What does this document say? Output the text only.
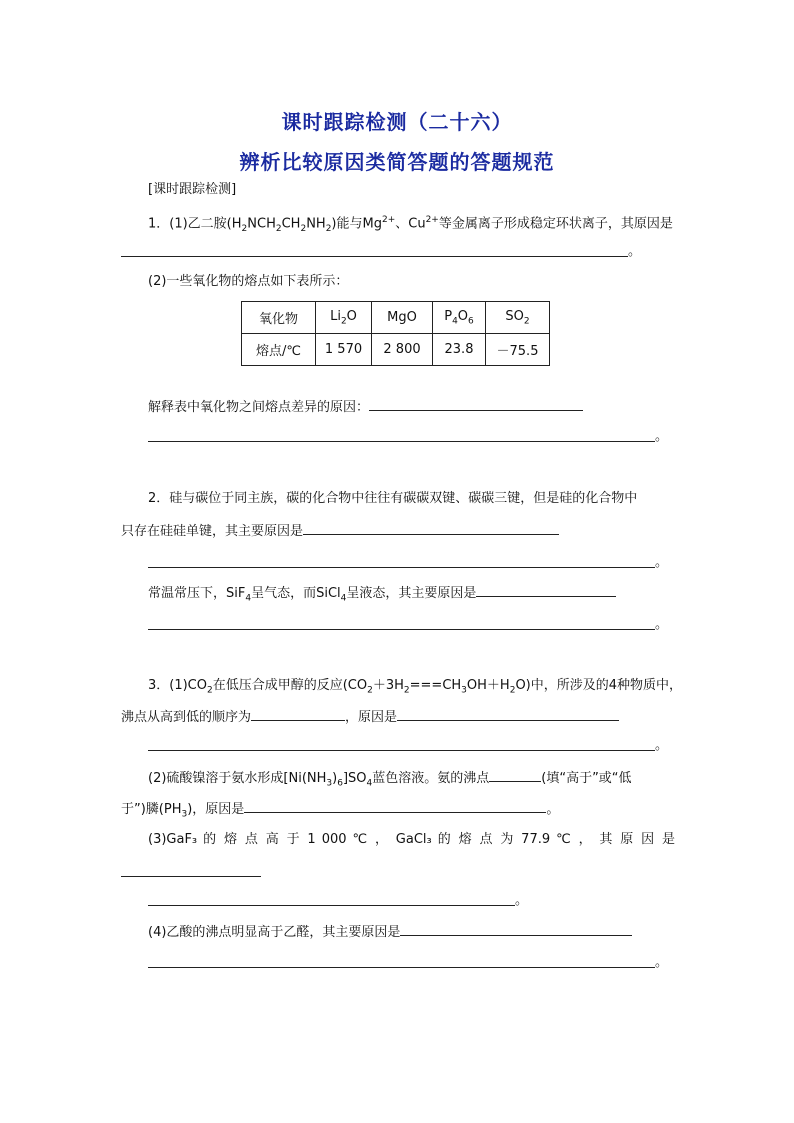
课时跟踪检测（二十六）
辨析比较原因类简答题的答题规范
[课时跟踪检测]
1．(1)乙二胺$(H_2NCH_2CH_2NH_2)$能与$Mg^{2+}$、$Cu^{2+}$等金属离子形成稳定环状离子，其原因是
。
(2)一些氧化物的熔点如下表所示：
氧化物	$Li_2O$	MgO	$P_4O_6$	$SO_2$
熔点/℃	1 570	2 800	23.8	－75.5
解释表中氧化物之间熔点差异的原因：
。
2．硅与碳位于同主族，碳的化合物中往往有碳碳双键、碳碳三键，但是硅的化合物中
只存在硅硅单键，其主要原因是
。
常温常压下，SiF$_4$呈气态，而SiCl$_4$呈液态，其主要原因是
。
3．$(1)CO_2$在低压合成甲醇的反应$(CO_2+3H_2===CH_3OH+H_2O)$中，所涉及的4种物质中，
沸点从高到低的顺序为	，原因是
。
(2)硫酸镍溶于氨水形成$[Ni(NH_3)_6]SO_4$蓝色溶液。氨的沸点	(填“高于”或“低
于”)膦$(PH_3)$，原因是	。
(3)GaF₃ 的 熔 点 高 于 1 000 ℃ ， GaCl₃ 的 熔 点 为 77.9 ℃ ， 其 原 因 是
。
(4)乙酸的沸点明显高于乙醛，其主要原因是
。
